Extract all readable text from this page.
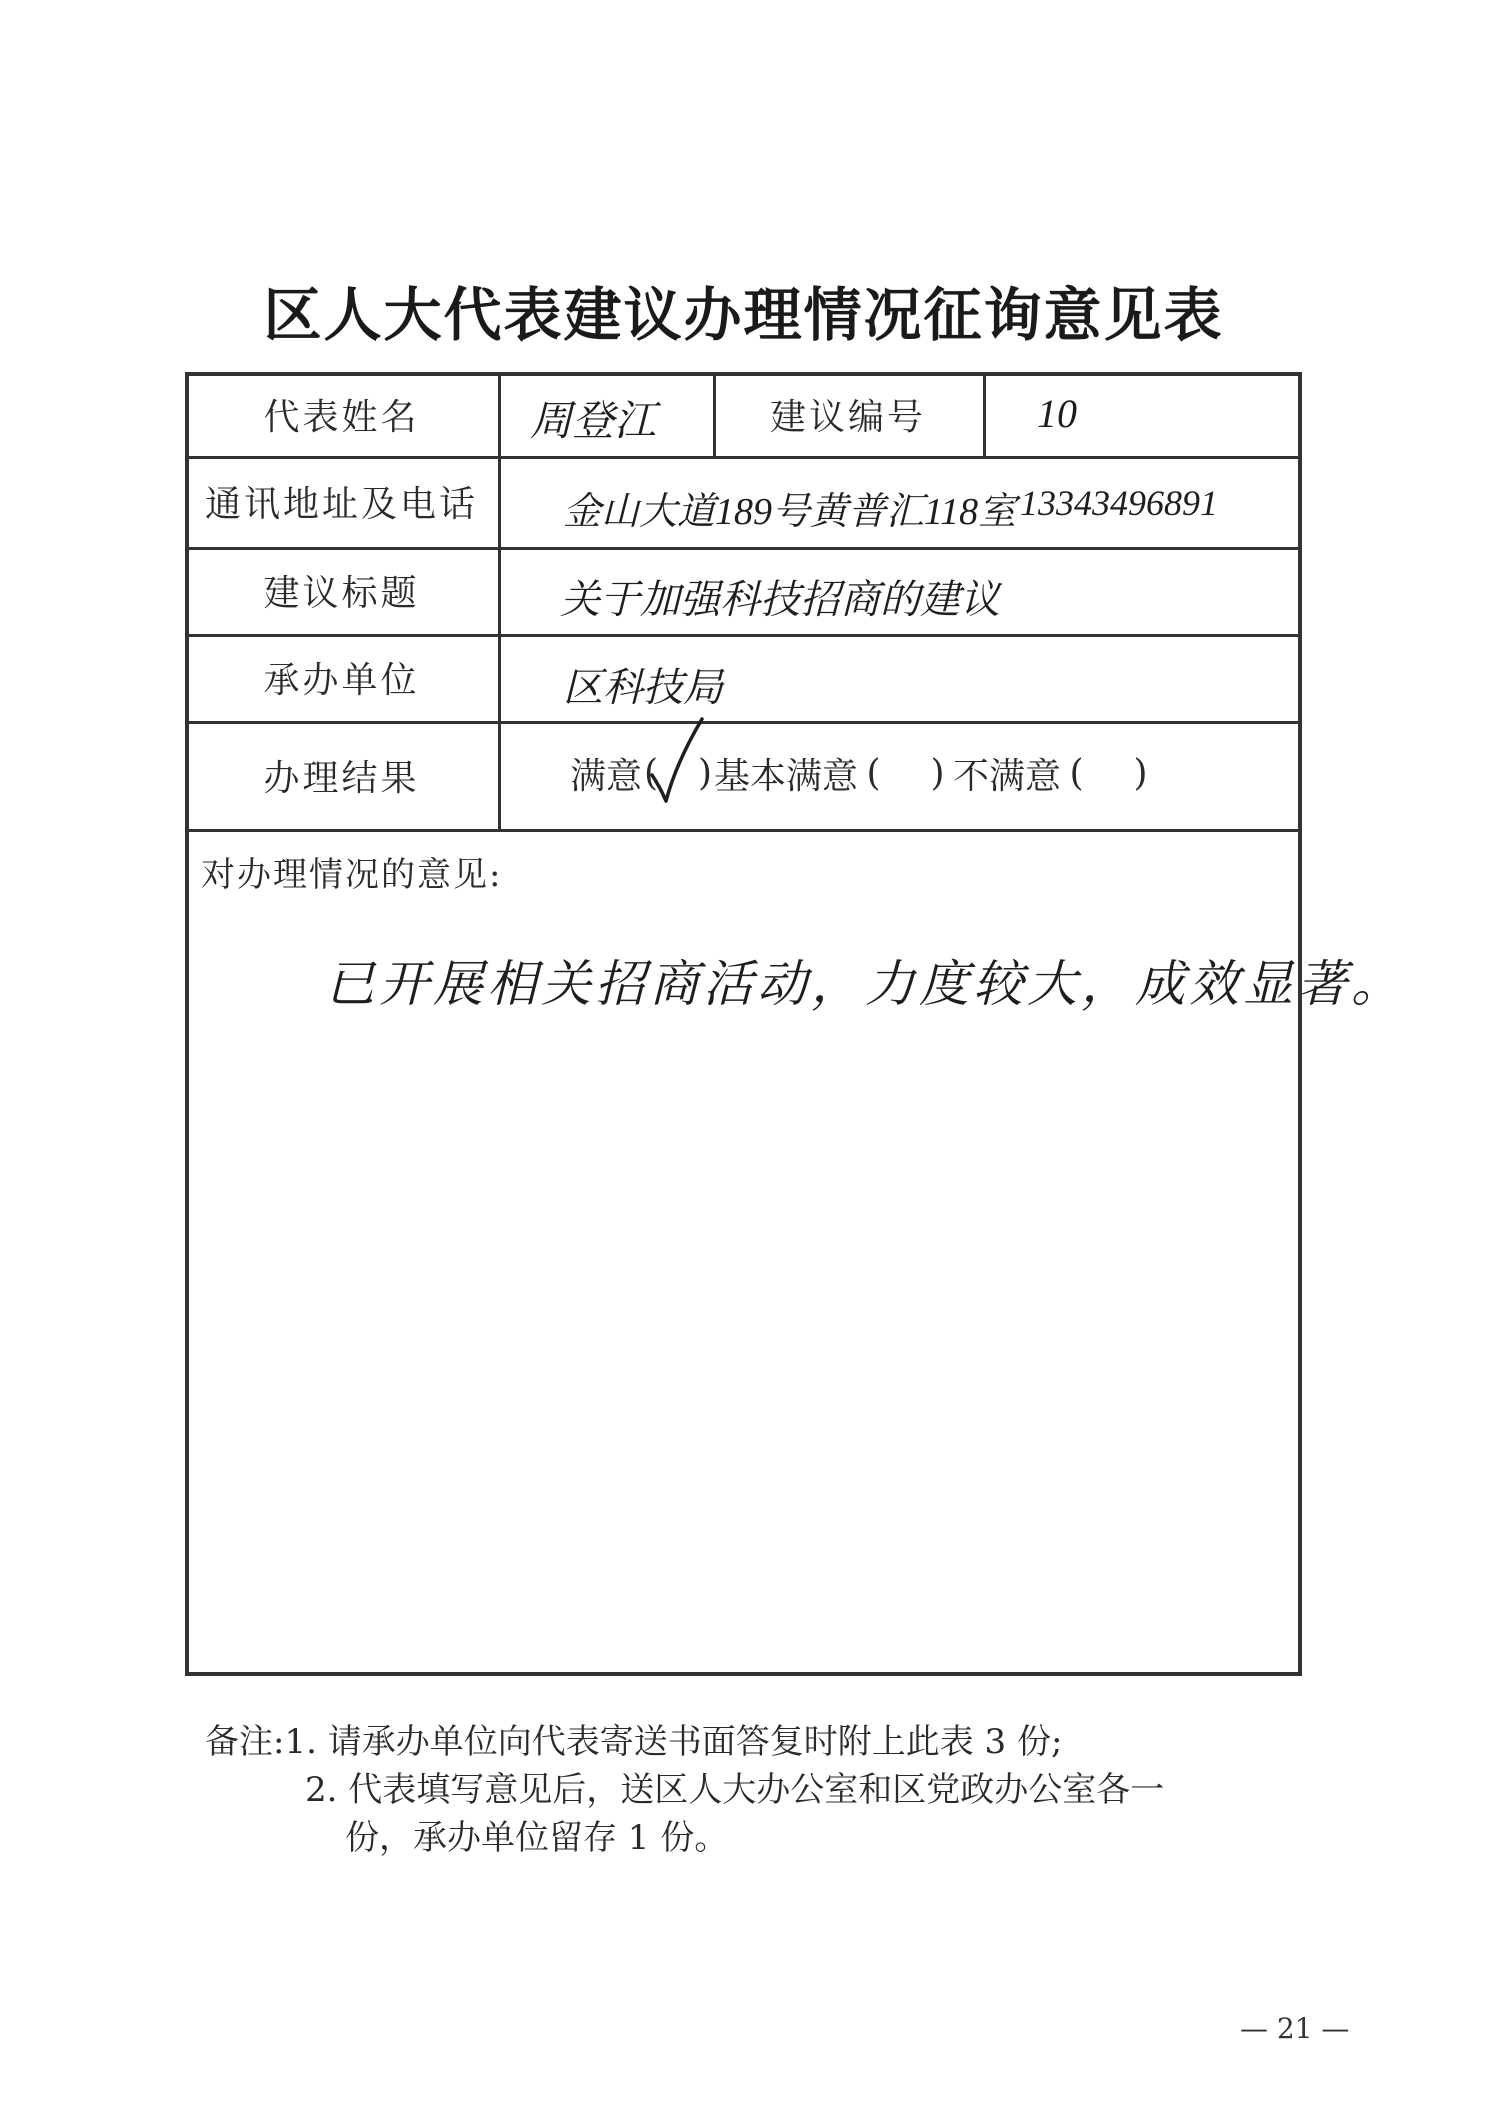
区人大代表建议办理情况征询意见表
代表姓名	周登江	建议编号	10
通讯地址及电话	金山大道189号黄普汇118室 13343496891
建议标题	关于加强科技招商的建议
承办单位	区科技局
办理结果	满意 ( ) 基本满意 ( ) 不满意 ( )
对办理情况的意见:
已开展相关招商活动，力度较大，成效显著。
备注:1. 请承办单位向代表寄送书面答复时附上此表 3 份;
2. 代表填写意见后，送区人大办公室和区党政办公室各一
份，承办单位留存 1 份。
— 21 —
